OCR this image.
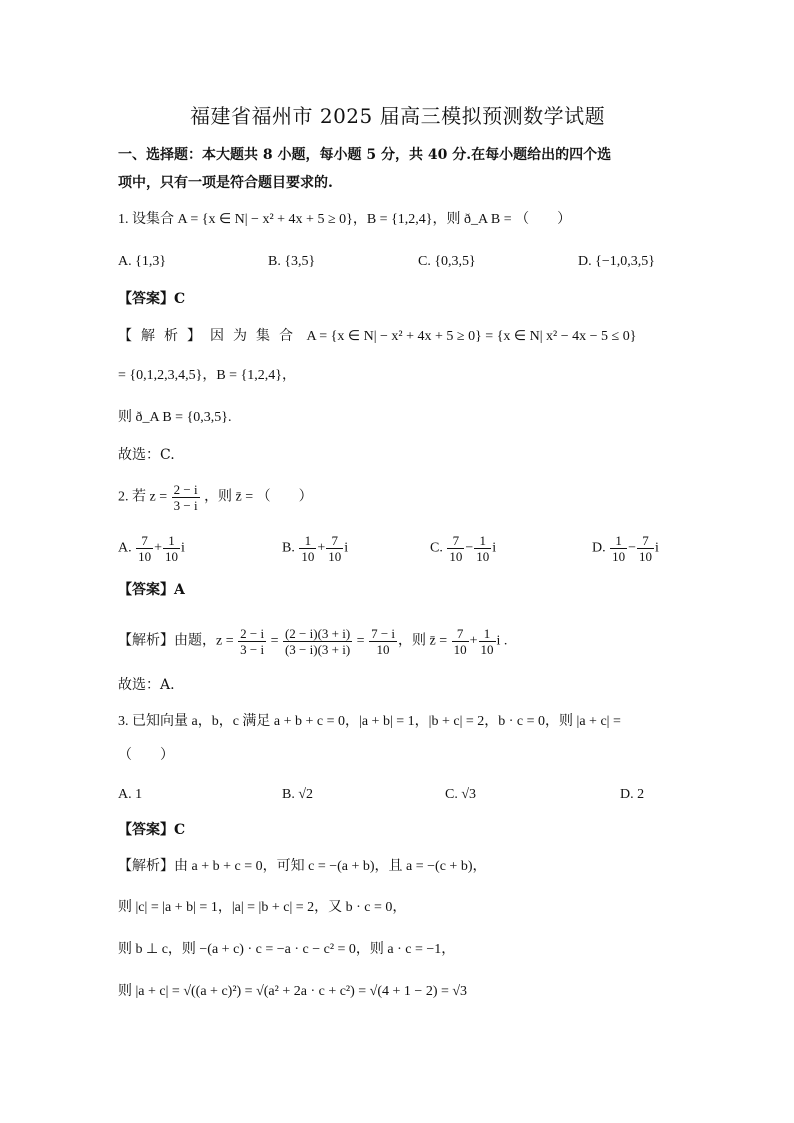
福建省福州市 2025 届高三模拟预测数学试题
一、选择题：本大题共 8 小题，每小题 5 分，共 40 分.在每小题给出的四个选
项中，只有一项是符合题目要求的.
1. 设集合 A = {x ∈ N| − x² + 4x + 5 ≥ 0}，B = {1,2,4}，则 ð_A B = （　　）
A. {1,3}	B. {3,5}	C. {0,3,5}	D. {−1,0,3,5}
【答案】C
【解析】因为集合 A = {x ∈ N| − x² + 4x + 5 ≥ 0} = {x ∈ N| x² − 4x − 5 ≤ 0}
= {0,1,2,3,4,5}，B = {1,2,4}，
则 ð_A B = {0,3,5}.
故选：C.
2. 若 $z = \frac{2 - i}{3 - i}$ ，则 z̄ = （　　）
A. $\frac{7}{10} + \frac{1}{10}$ i	B. $\frac{1}{10} + \frac{7}{10}$ i	C. $\frac{7}{10} - \frac{1}{10}$ i	D. $\frac{1}{10} - \frac{7}{10}$ i
【答案】A
【解析】由题，$z = \frac{2 - i}{3 - i} = \frac{(2 - i)(3 + i)}{(3 - i)(3 + i)} = \frac{7 - i}{10}$ ，则 z̄ = $\frac{7}{10} + \frac{1}{10}$ i .
故选：A.
3. 已知向量 a，b，c 满足 a + b + c = 0，|a + b| = 1，|b + c| = 2，b · c = 0，则 |a + c| =
（　　）
A. 1	B. √2	C. √3	D. 2
【答案】C
【解析】由 a + b + c = 0，可知 c = −(a + b)，且 a = −(c + b)，
则 |c| = |a + b| = 1，|a| = |b + c| = 2，又 b · c = 0，
则 b ⊥ c，则 −(a + c) · c = −a · c − c² = 0，则 a · c = −1，
则 |a + c| = √((a + c)²) = √(a² + 2a · c + c²) = √(4 + 1 − 2) = √3
